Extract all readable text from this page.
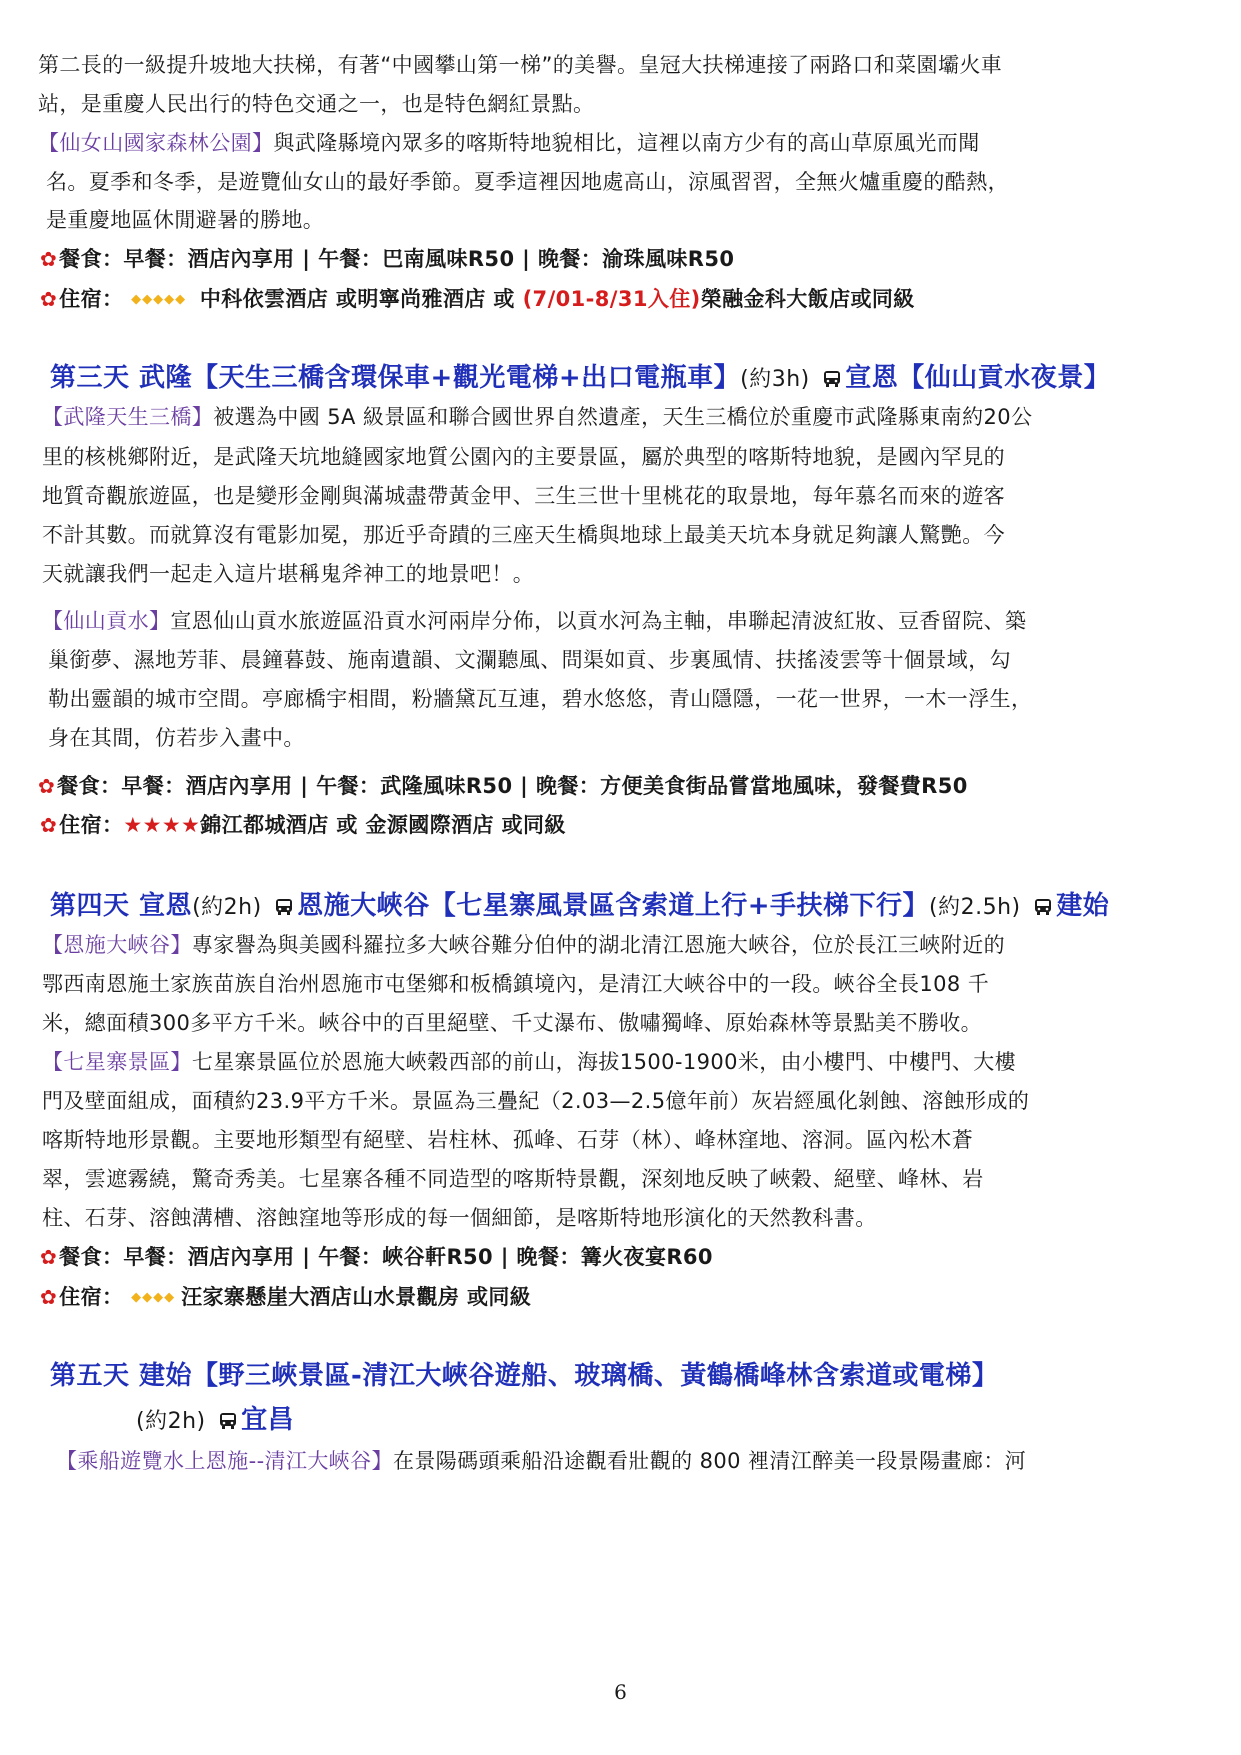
第二長的一級提升坡地大扶梯，有著“中國攀山第一梯”的美譽。皇冠大扶梯連接了兩路口和菜園壩火車
站，是重慶人民出行的特色交通之一，也是特色網紅景點。
【仙女山國家森林公園】與武隆縣境內眾多的喀斯特地貌相比，這裡以南方少有的高山草原風光而聞
名。夏季和冬季，是遊覽仙女山的最好季節。夏季這裡因地處高山，涼風習習，全無火爐重慶的酷熱，
是重慶地區休閒避暑的勝地。
✿餐食：早餐：酒店內享用 | 午餐：巴南風味R50 | 晚餐：渝珠風味R50
✿住宿： ◆◆◆◆◆ 中科依雲酒店 或明寧尚雅酒店 或 (7/01-8/31入住)榮融金科大飯店或同級
第三天 武隆【天生三橋含環保車+觀光電梯+出口電瓶車】(約3h) 宣恩【仙山貢水夜景】
【武隆天生三橋】被選為中國 5A 級景區和聯合國世界自然遺產，天生三橋位於重慶市武隆縣東南約20公
里的核桃鄉附近，是武隆天坑地縫國家地質公園內的主要景區，屬於典型的喀斯特地貌，是國內罕見的
地質奇觀旅遊區，也是變形金剛與滿城盡帶黃金甲、三生三世十里桃花的取景地，每年慕名而來的遊客
不計其數。而就算沒有電影加冕，那近乎奇蹟的三座天生橋與地球上最美天坑本身就足夠讓人驚艷。今
天就讓我們一起走入這片堪稱鬼斧神工的地景吧！。
【仙山貢水】宣恩仙山貢水旅遊區沿貢水河兩岸分佈，以貢水河為主軸，串聯起清波紅妝、豆香留院、築
巢銜夢、濕地芳菲、晨鐘暮鼓、施南遺韻、文瀾聽風、問渠如貢、步裏風情、扶搖淩雲等十個景域，勾
勒出靈韻的城市空間。亭廊橋宇相間，粉牆黛瓦互連，碧水悠悠，青山隱隱，一花一世界，一木一浮生，
身在其間，仿若步入畫中。
✿餐食：早餐：酒店內享用 | 午餐：武隆風味R50 | 晚餐：方便美食街品嘗當地風味，發餐費R50
✿住宿：★★★★錦江都城酒店 或 金源國際酒店 或同級
第四天 宣恩(約2h) 恩施大峽谷【七星寨風景區含索道上行+手扶梯下行】(約2.5h) 建始
【恩施大峽谷】專家譽為與美國科羅拉多大峽谷難分伯仲的湖北清江恩施大峽谷，位於長江三峽附近的
鄂西南恩施土家族苗族自治州恩施市屯堡鄉和板橋鎮境內，是清江大峽谷中的一段。峽谷全長108 千
米，總面積300多平方千米。峽谷中的百里絕壁、千丈瀑布、傲嘯獨峰、原始森林等景點美不勝收。
【七星寨景區】七星寨景區位於恩施大峽穀西部的前山，海拔1500-1900米，由小樓門、中樓門、大樓
門及壁面組成，面積約23.9平方千米。景區為三疊紀（2.03—2.5億年前）灰岩經風化剝蝕、溶蝕形成的
喀斯特地形景觀。主要地形類型有絕壁、岩柱林、孤峰、石芽（林）、峰林窪地、溶洞。區內松木蒼
翠，雲遮霧繞，驚奇秀美。七星寨各種不同造型的喀斯特景觀，深刻地反映了峽穀、絕壁、峰林、岩
柱、石芽、溶蝕溝槽、溶蝕窪地等形成的每一個細節，是喀斯特地形演化的天然教科書。
✿餐食：早餐：酒店內享用 | 午餐：峽谷軒R50 | 晚餐：篝火夜宴R60
✿住宿： ◆◆◆◆ 汪家寨懸崖大酒店山水景觀房 或同級
第五天 建始【野三峽景區-清江大峽谷遊船、玻璃橋、黃鶴橋峰林含索道或電梯】
(約2h) 宜昌
【乘船遊覽水上恩施--清江大峽谷】在景陽碼頭乘船沿途觀看壯觀的 800 裡清江醉美一段景陽畫廊：河
6
